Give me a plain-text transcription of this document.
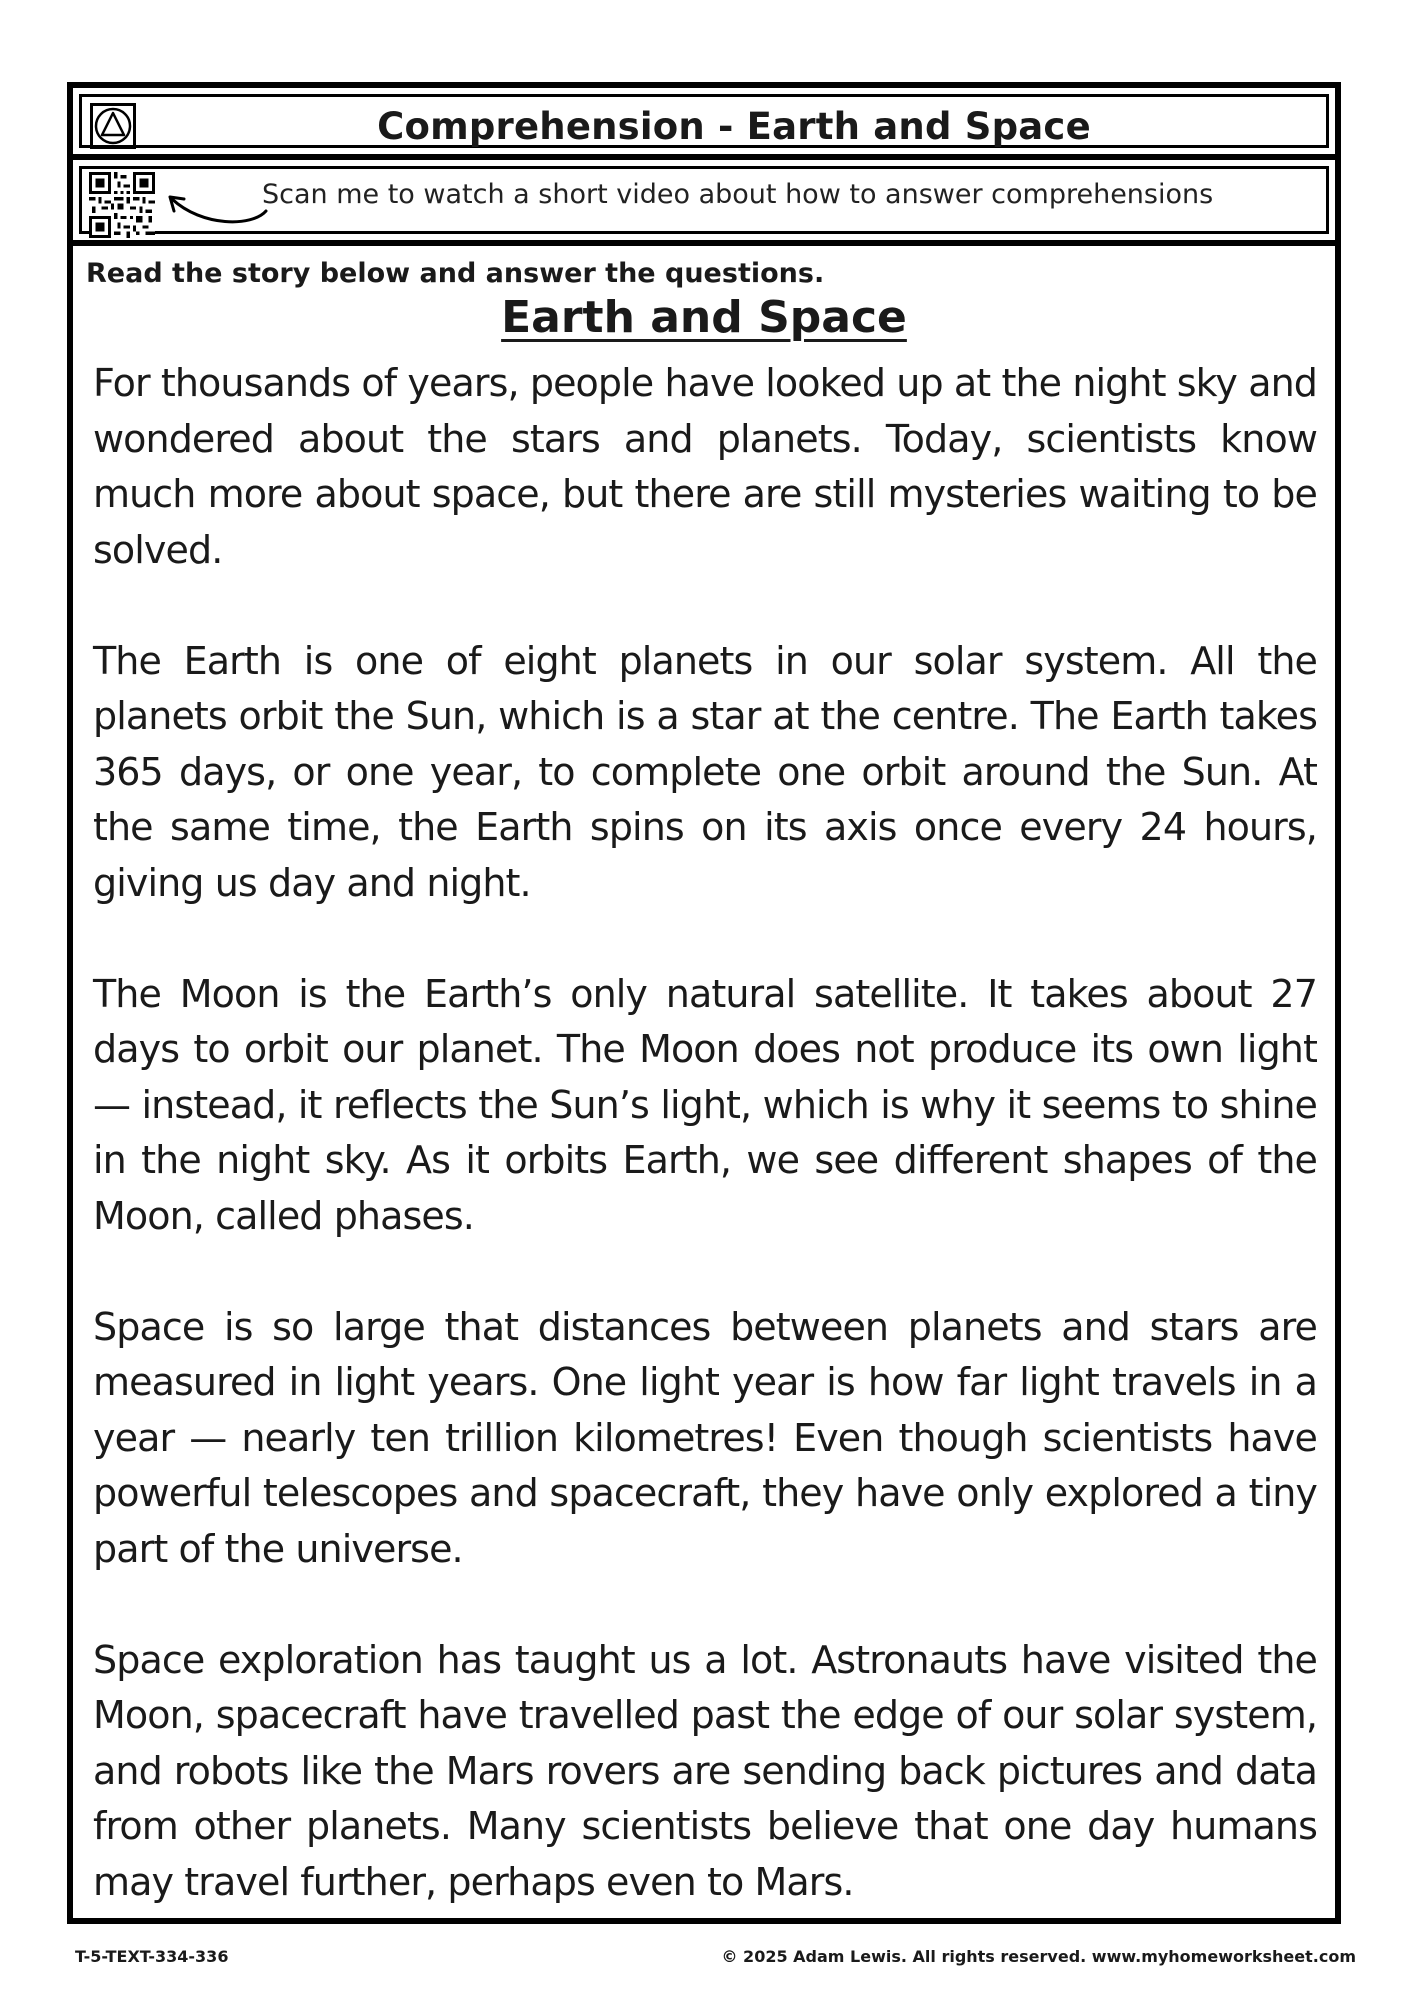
Comprehension - Earth and Space
Scan me to watch a short video about how to answer comprehensions
Read the story below and answer the questions.
Earth and Space

For thousands of years, people have looked up at the night sky and wondered about the stars and planets. Today, scientists know much more about space, but there are still mysteries waiting to be solved.

The Earth is one of eight planets in our solar system. All the planets orbit the Sun, which is a star at the centre. The Earth takes 365 days, or one year, to complete one orbit around the Sun. At the same time, the Earth spins on its axis once every 24 hours, giving us day and night.

The Moon is the Earth’s only natural satellite. It takes about 27 days to orbit our planet. The Moon does not produce its own light — instead, it reflects the Sun’s light, which is why it seems to shine in the night sky. As it orbits Earth, we see different shapes of the Moon, called phases.

Space is so large that distances between planets and stars are measured in light years. One light year is how far light travels in a year — nearly ten trillion kilometres! Even though scientists have powerful telescopes and spacecraft, they have only explored a tiny part of the universe.

Space exploration has taught us a lot. Astronauts have visited the Moon, spacecraft have travelled past the edge of our solar system, and robots like the Mars rovers are sending back pictures and data from other planets. Many scientists believe that one day humans may travel further, perhaps even to Mars.

T-5-TEXT-334-336	© 2025 Adam Lewis. All rights reserved. www.myhomeworksheet.com
